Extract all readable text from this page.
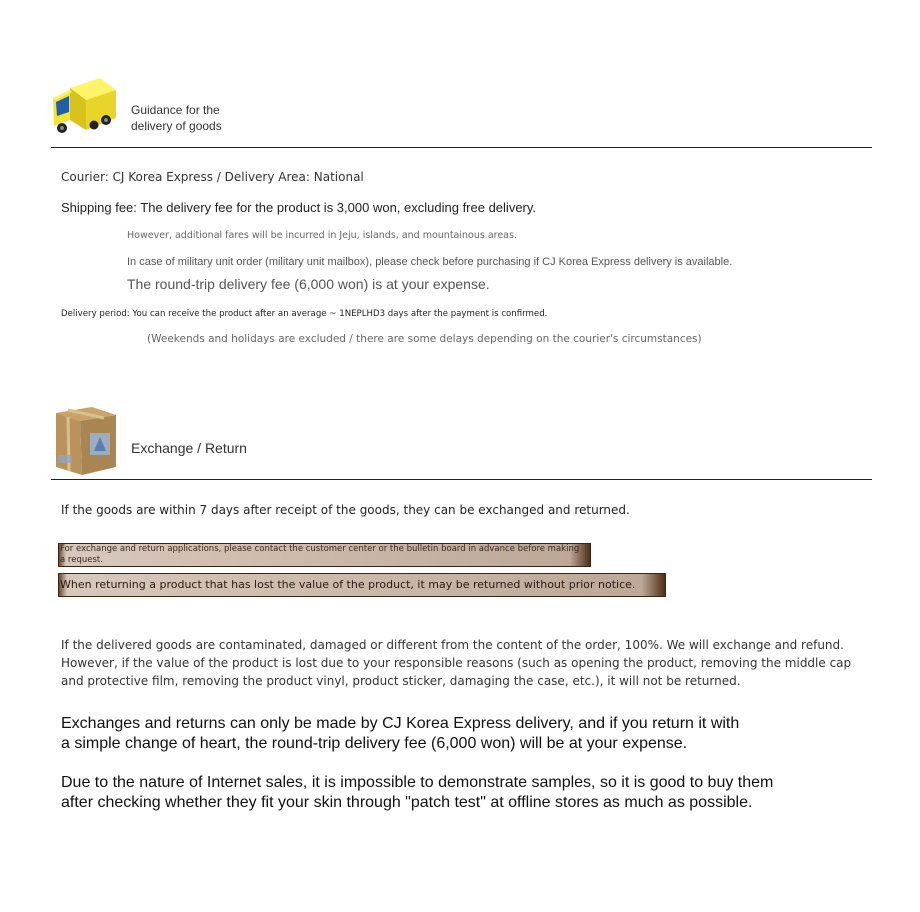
Guidance for the
delivery of goods
Courier: CJ Korea Express / Delivery Area: National
Shipping fee: The delivery fee for the product is 3,000 won, excluding free delivery.
However, additional fares will be incurred in Jeju, islands, and mountainous areas.
In case of military unit order (military unit mailbox), please check before purchasing if CJ Korea Express delivery is available.
The round-trip delivery fee (6,000 won) is at your expense.
Delivery period: You can receive the product after an average ~ 1NEPLHD3 days after the payment is confirmed.
(Weekends and holidays are excluded / there are some delays depending on the courier's circumstances)
Exchange / Return
If the goods are within 7 days after receipt of the goods, they can be exchanged and returned.
For exchange and return applications, please contact the customer center or the bulletin board in advance before making
a request.
When returning a product that has lost the value of the product, it may be returned without prior notice.
If the delivered goods are contaminated, damaged or different from the content of the order, 100%. We will exchange and refund.
However, if the value of the product is lost due to your responsible reasons (such as opening the product, removing the middle cap
and protective film, removing the product vinyl, product sticker, damaging the case, etc.), it will not be returned.
Exchanges and returns can only be made by CJ Korea Express delivery, and if you return it with
a simple change of heart, the round-trip delivery fee (6,000 won) will be at your expense.
Due to the nature of Internet sales, it is impossible to demonstrate samples, so it is good to buy them
after checking whether they fit your skin through "patch test" at offline stores as much as possible.
